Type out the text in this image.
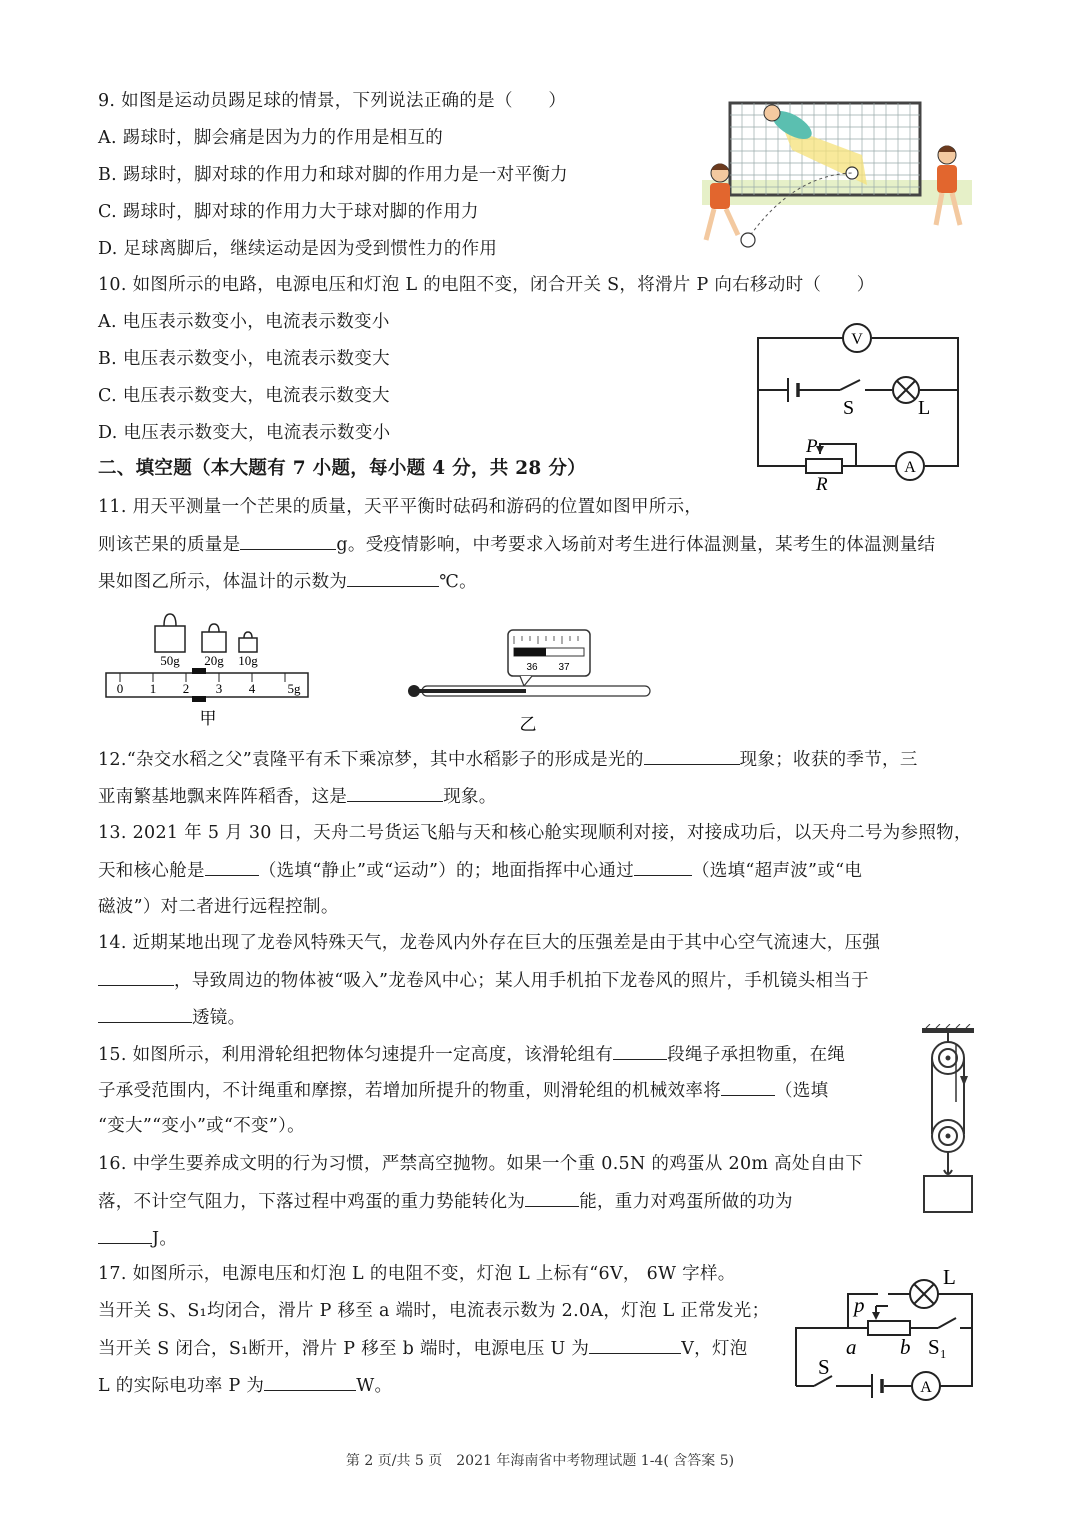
9. 如图是运动员踢足球的情景，下列说法正确的是（　　）
A. 踢球时，脚会痛是因为力的作用是相互的
B. 踢球时，脚对球的作用力和球对脚的作用力是一对平衡力
C. 踢球时，脚对球的作用力大于球对脚的作用力
D. 足球离脚后，继续运动是因为受到惯性力的作用
10. 如图所示的电路，电源电压和灯泡 L 的电阻不变，闭合开关 S，将滑片 P 向右移动时（　　）
A. 电压表示数变小，电流表示数变小
B. 电压表示数变小，电流表示数变大
C. 电压表示数变大，电流表示数变大
D. 电压表示数变大，电流表示数变小
V
A
S	L
P
R
二、填空题（本大题有 7 小题，每小题 4 分，共 28 分）
11. 用天平测量一个芒果的质量，天平平衡时砝码和游码的位置如图甲所示，
则该芒果的质量是	g。受疫情影响，中考要求入场前对考生进行体温测量，某考生的体温测量结
果如图乙所示，体温计的示数为	℃。
50g 20g 10g
0 1 2 3 4 5g
甲
36 37
乙
12.“杂交水稻之父”袁隆平有禾下乘凉梦，其中水稻影子的形成是光的	现象；收获的季节，三
亚南繁基地飘来阵阵稻香，这是	现象。
13. 2021 年 5 月 30 日，天舟二号货运飞船与天和核心舱实现顺利对接，对接成功后，以天舟二号为参照物，
天和核心舱是	（选填“静止”或“运动”）的；地面指挥中心通过	（选填“超声波”或“电
磁波”）对二者进行远程控制。
14. 近期某地出现了龙卷风特殊天气，龙卷风内外存在巨大的压强差是由于其中心空气流速大，压强
，导致周边的物体被“吸入”龙卷风中心；某人用手机拍下龙卷风的照片，手机镜头相当于
透镜。
15. 如图所示，利用滑轮组把物体匀速提升一定高度，该滑轮组有	段绳子承担物重，在绳
子承受范围内，不计绳重和摩擦，若增加所提升的物重，则滑轮组的机械效率将	（选填
“变大”“变小”或“不变”）。
16. 中学生要养成文明的行为习惯，严禁高空抛物。如果一个重 0.5N 的鸡蛋从 20m 高处自由下
落，不计空气阻力，下落过程中鸡蛋的重力势能转化为	能，重力对鸡蛋所做的功为
J。
17. 如图所示，电源电压和灯泡 L 的电阻不变，灯泡 L 上标有“6V， 6W 字样。
当开关 S、S₁均闭合，滑片 P 移至 a 端时，电流表示数为 2.0A，灯泡 L 正常发光；
当开关 S 闭合，S₁断开，滑片 P 移至 b 端时，电源电压 U 为	V，灯泡
L 的实际电功率 P 为	W。	A
L
p
a b S₁
S
第 2 页/共 5 页　2021 年海南省中考物理试题 1-4( 含答案 5)
